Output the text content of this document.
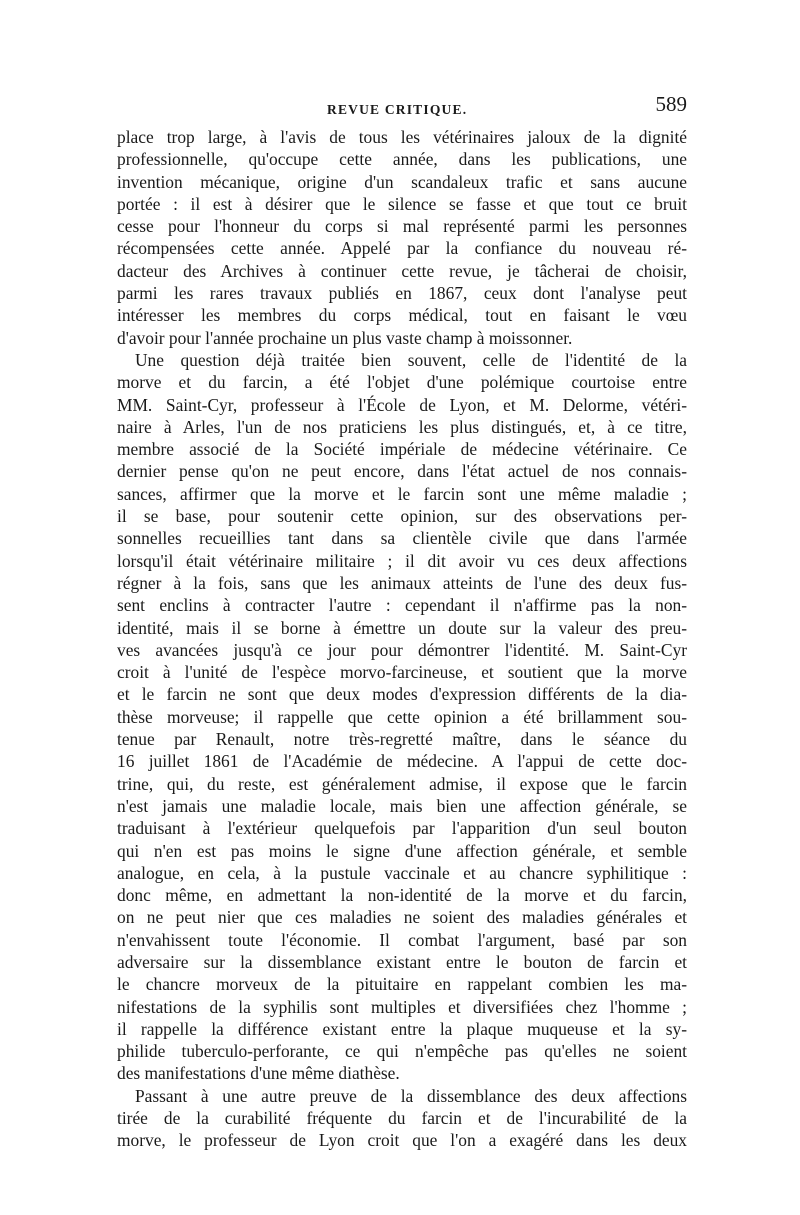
REVUE CRITIQUE.	589
place trop large, à l'avis de tous les vétérinaires jaloux de la dignité
professionnelle, qu'occupe cette année, dans les publications, une
invention mécanique, origine d'un scandaleux trafic et sans aucune
portée : il est à désirer que le silence se fasse et que tout ce bruit
cesse pour l'honneur du corps si mal représenté parmi les personnes
récompensées cette année. Appelé par la confiance du nouveau ré-
dacteur des Archives à continuer cette revue, je tâcherai de choisir,
parmi les rares travaux publiés en 1867, ceux dont l'analyse peut
intéresser les membres du corps médical, tout en faisant le vœu
d'avoir pour l'année prochaine un plus vaste champ à moissonner.
Une question déjà traitée bien souvent, celle de l'identité de la
morve et du farcin, a été l'objet d'une polémique courtoise entre
MM. Saint-Cyr, professeur à l'École de Lyon, et M. Delorme, vétéri-
naire à Arles, l'un de nos praticiens les plus distingués, et, à ce titre,
membre associé de la Société impériale de médecine vétérinaire. Ce
dernier pense qu'on ne peut encore, dans l'état actuel de nos connais-
sances, affirmer que la morve et le farcin sont une même maladie ;
il se base, pour soutenir cette opinion, sur des observations per-
sonnelles recueillies tant dans sa clientèle civile que dans l'armée
lorsqu'il était vétérinaire militaire ; il dit avoir vu ces deux affections
régner à la fois, sans que les animaux atteints de l'une des deux fus-
sent enclins à contracter l'autre : cependant il n'affirme pas la non-
identité, mais il se borne à émettre un doute sur la valeur des preu-
ves avancées jusqu'à ce jour pour démontrer l'identité. M. Saint-Cyr
croit à l'unité de l'espèce morvo-farcineuse, et soutient que la morve
et le farcin ne sont que deux modes d'expression différents de la dia-
thèse morveuse; il rappelle que cette opinion a été brillamment sou-
tenue par Renault, notre très-regretté maître, dans le séance du
16 juillet 1861 de l'Académie de médecine. A l'appui de cette doc-
trine, qui, du reste, est généralement admise, il expose que le farcin
n'est jamais une maladie locale, mais bien une affection générale, se
traduisant à l'extérieur quelquefois par l'apparition d'un seul bouton
qui n'en est pas moins le signe d'une affection générale, et semble
analogue, en cela, à la pustule vaccinale et au chancre syphilitique :
donc même, en admettant la non-identité de la morve et du farcin,
on ne peut nier que ces maladies ne soient des maladies générales et
n'envahissent toute l'économie. Il combat l'argument, basé par son
adversaire sur la dissemblance existant entre le bouton de farcin et
le chancre morveux de la pituitaire en rappelant combien les ma-
nifestations de la syphilis sont multiples et diversifiées chez l'homme ;
il rappelle la différence existant entre la plaque muqueuse et la sy-
philide tuberculo-perforante, ce qui n'empêche pas qu'elles ne soient
des manifestations d'une même diathèse.
Passant à une autre preuve de la dissemblance des deux affections
tirée de la curabilité fréquente du farcin et de l'incurabilité de la
morve, le professeur de Lyon croit que l'on a exagéré dans les deux
